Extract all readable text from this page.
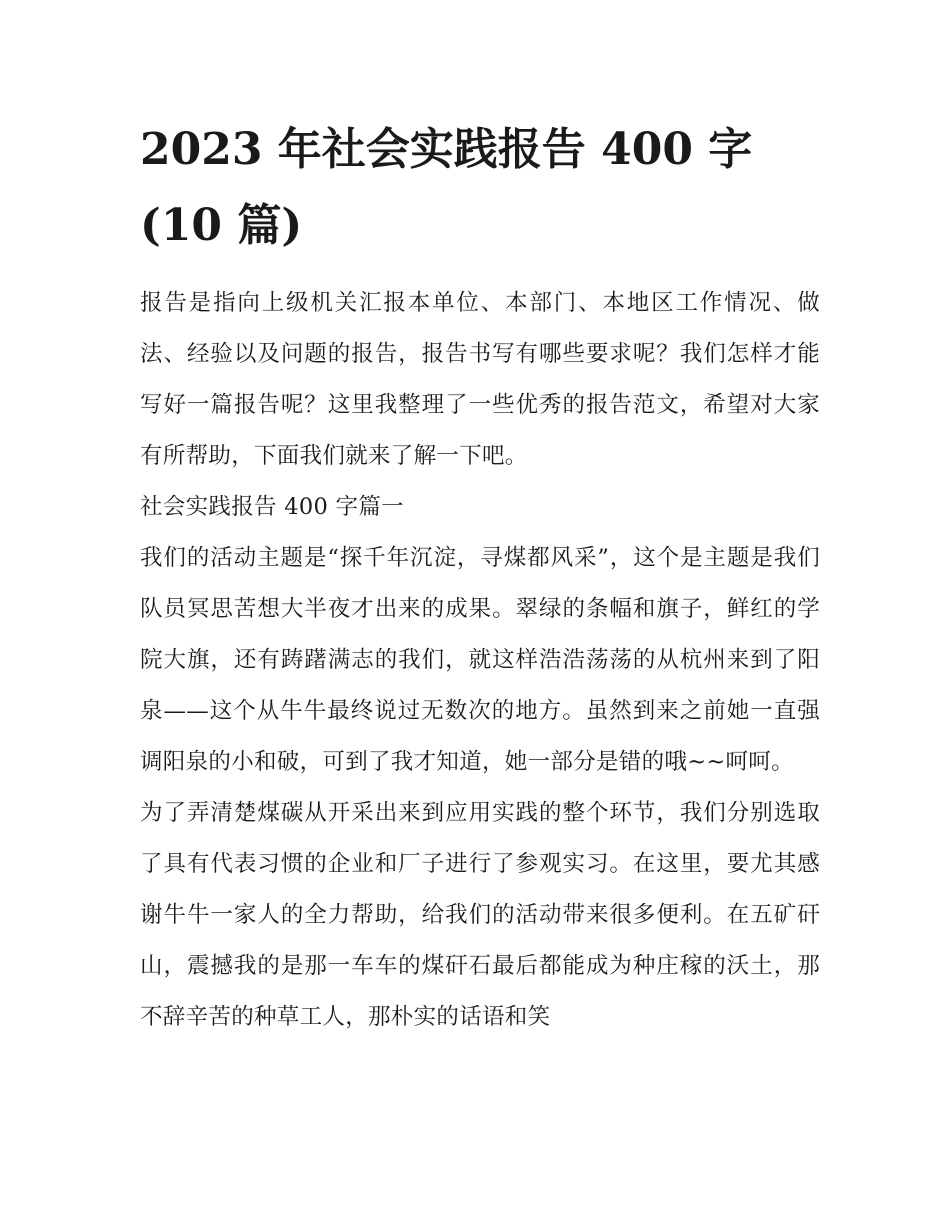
2023 年社会实践报告 400 字
(10 篇)

报告是指向上级机关汇报本单位、本部门、本地区工作情况、做法、经验以及问题的报告，报告书写有哪些要求呢？我们怎样才能写好一篇报告呢？这里我整理了一些优秀的报告范文，希望对大家有所帮助，下面我们就来了解一下吧。

社会实践报告 400 字篇一

我们的活动主题是“探千年沉淀，寻煤都风采”，这个是主题是我们队员冥思苦想大半夜才出来的成果。翠绿的条幅和旗子，鲜红的学院大旗，还有踌躇满志的我们，就这样浩浩荡荡的从杭州来到了阳泉——这个从牛牛最终说过无数次的地方。虽然到来之前她一直强调阳泉的小和破，可到了我才知道，她一部分是错的哦~~呵呵。

为了弄清楚煤碳从开采出来到应用实践的整个环节，我们分别选取了具有代表习惯的企业和厂子进行了参观实习。在这里，要尤其感谢牛牛一家人的全力帮助，给我们的活动带来很多便利。在五矿矸山，震撼我的是那一车车的煤矸石最后都能成为种庄稼的沃土，那不辞辛苦的种草工人，那朴实的话语和笑
